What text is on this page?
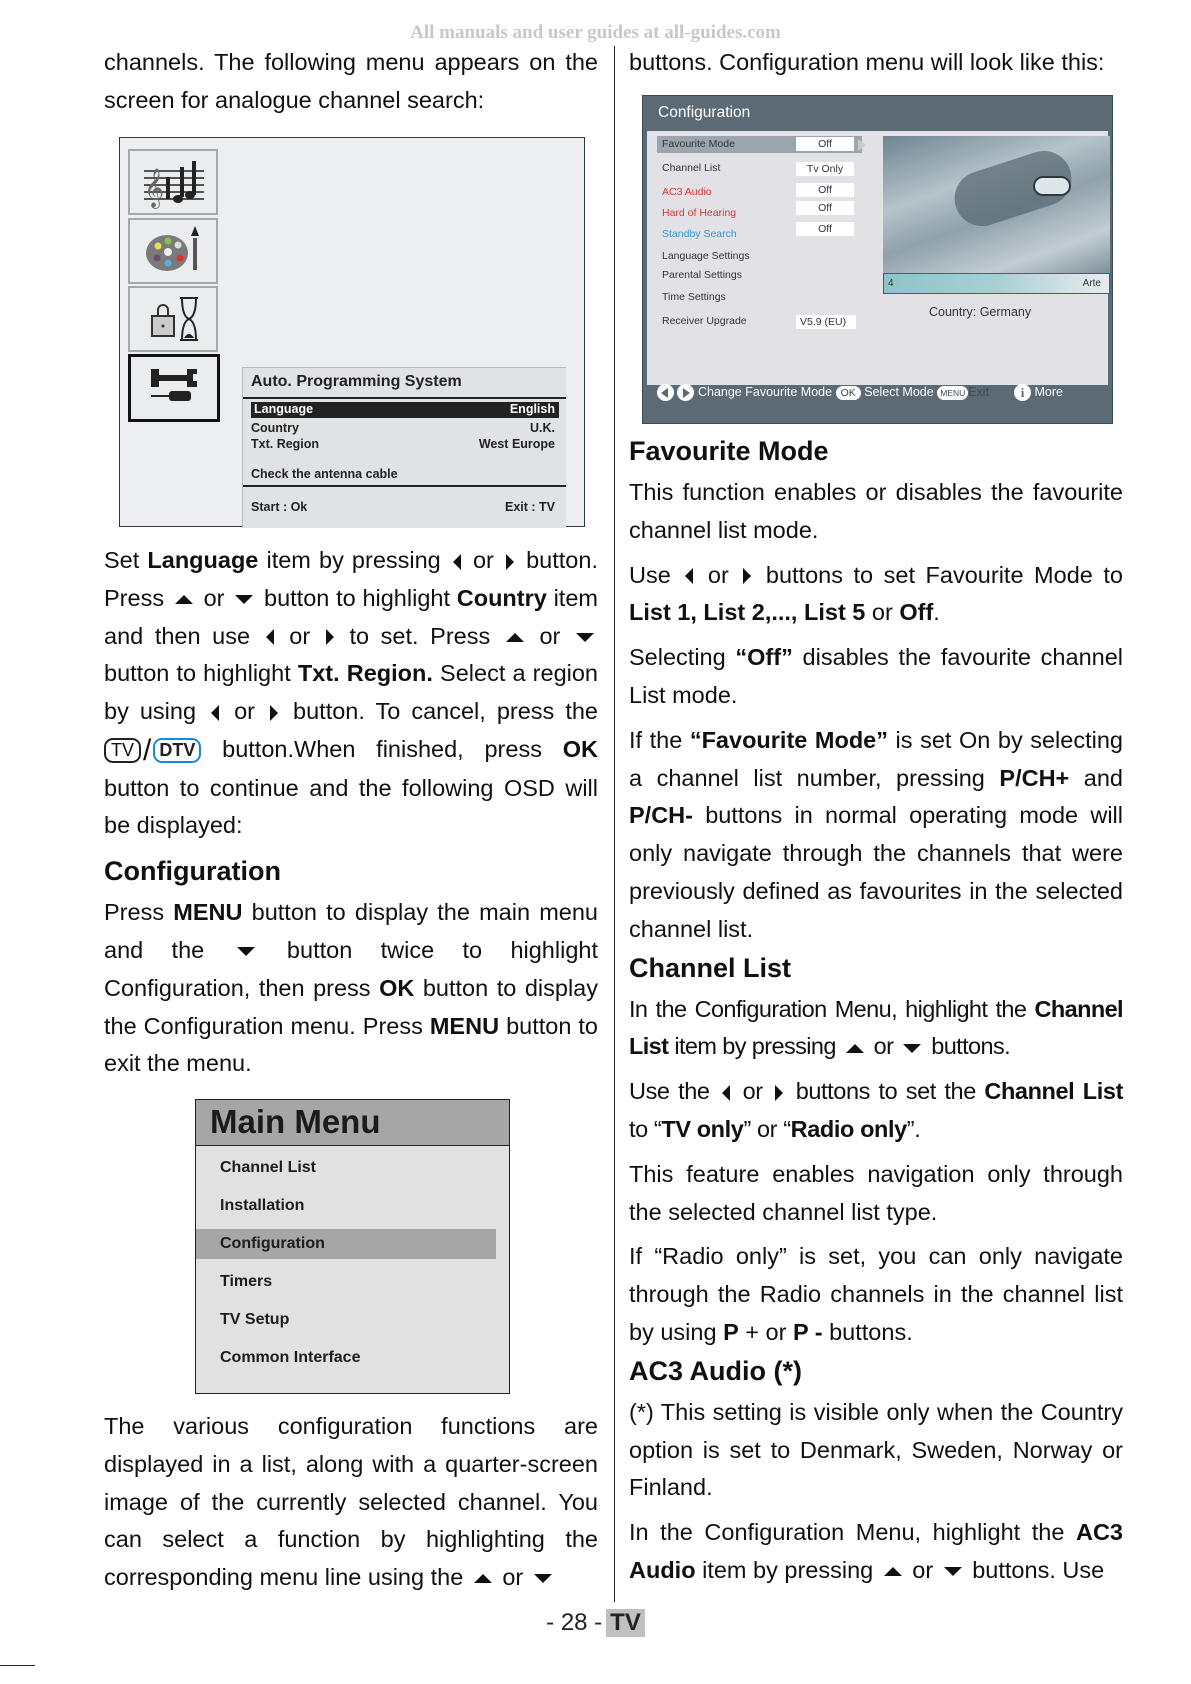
All manuals and user guides at all-guides.com

channels. The following menu appears on the screen for analogue channel search:

𝄞
Auto. Programming System
Language	English
Country	U.K.
Txt. Region	West Europe
Check the antenna cable
Start : Ok	Exit : TV

Set Language item by pressing  or  button. Press  or  button to highlight Country item and then use  or  to set. Press  or  button to highlight Txt. Region. Select a region by using  or  button. To cancel, press the TV / DTV button.When finished, press OK button to continue and the following OSD will be displayed:

Configuration

Press MENU button to display the main menu and the  button twice to highlight Configuration, then press OK button to display the Configuration menu. Press MENU button to exit the menu.

Main Menu
Channel List
Installation
Configuration
Timers
TV Setup
Common Interface

The various configuration functions are displayed in a list, along with a quarter-screen image of the currently selected channel. You can select a function by highlighting the corresponding menu line using the  or

buttons. Configuration menu will look like this:

Configuration
Favourite Mode	Off
Channel List	Tv Only
AC3 Audio	Off
Hard of Hearing	Off
Standby Search	Off
Language Settings
Parental Settings
Time Settings
Receiver Upgrade	V5.9 (EU)
4	Arte
Country: Germany

Change Favourite Mode OK Select Mode MENU Exit i More
Favourite Mode

This function enables or disables the favourite channel list mode.

Use  or  buttons to set Favourite Mode to List 1, List 2,..., List 5 or Off.

Selecting “Off” disables the favourite channel List mode.

If the “Favourite Mode” is set On by selecting a channel list number, pressing P/CH+ and P/CH- buttons in normal operating mode will only navigate through the channels that were previously defined as favourites in the selected channel list.

Channel List

In the Configuration Menu, highlight the Channel List item by pressing  or  buttons.

Use the  or  buttons to set the Channel List to “TV only” or “Radio only”.

This feature enables navigation only through the selected channel list type.

If “Radio only” is set, you can only navigate through the Radio channels in the channel list by using P + or P - buttons.

AC3 Audio (*)

(*) This setting is visible only when the Country option is set to Denmark, Sweden, Norway or Finland.

In the Configuration Menu, highlight the AC3 Audio item by pressing  or  buttons. Use

- 28 - TV
